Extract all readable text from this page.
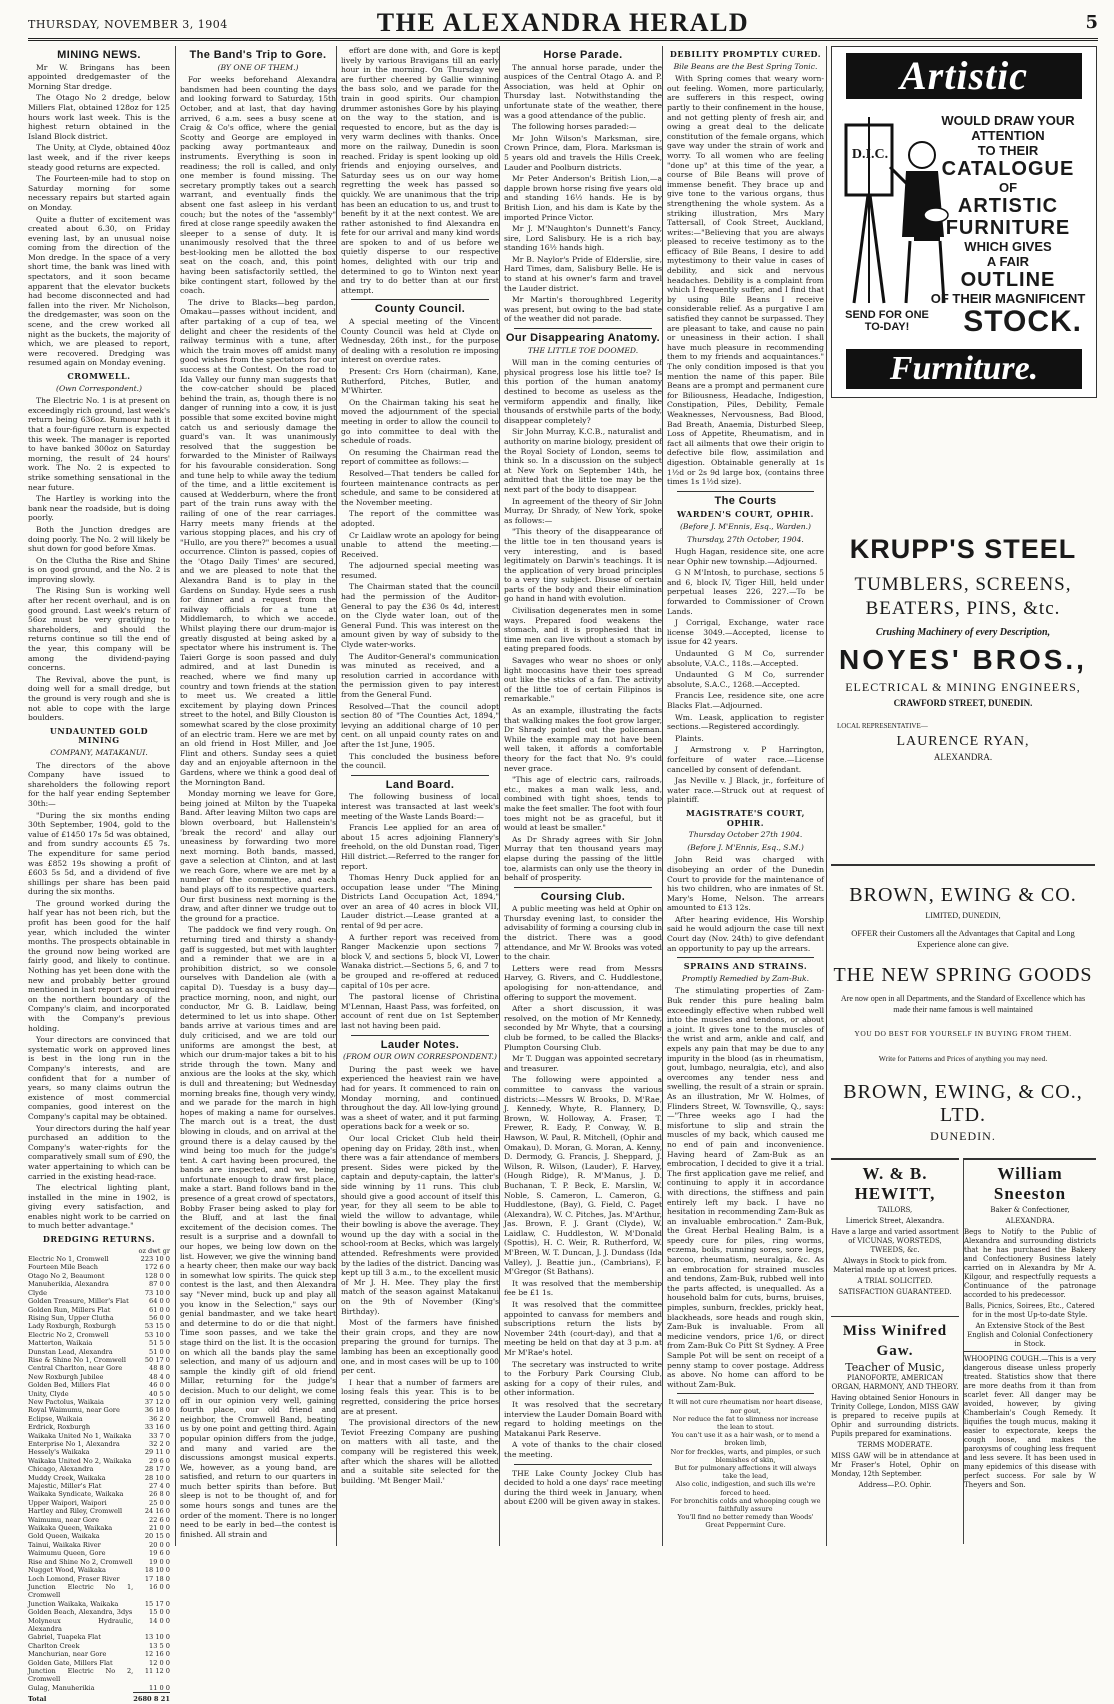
THURSDAY, NOVEMBER 3, 1904	THE ALEXANDRA HERALD	5
MINING NEWS.

Mr W. Bringans has been appointed dredgemaster of the Morning Star dredge.

The Otago No 2 dredge, below Millers Flat, obtained 128oz for 125 hours work last week. This is the highest return obtained in the Island Block district.

The Unity, at Clyde, obtained 40oz last week, and if the river keeps steady good returns are expected.

The Fourteen-mile had to stop on Saturday morning for some necessary repairs but started again on Monday.

Quite a flutter of excitement was created about 6.30, on Friday evening last, by an unusual noise coming from the direction of the Mon dredge. In the space of a very short time, the bank was lined with spectators, and it soon became apparent that the elevator buckets had become disconnected and had fallen into the river. Mr Nicholson, the dredgemaster, was soon on the scene, and the crew worked all night as the buckets, the majority of which, we are pleased to report, were recovered. Dredging was resumed again on Monday evening.

CROMWELL.
(Own Correspondent.)

The Electric No. 1 is at present on exceedingly rich ground, last week's return being 636oz. Rumour hath it that a four-figure return is expected this week. The manager is reported to have banked 300oz on Saturday morning, the result of 24 hours' work. The No. 2 is expected to strike something sensational in the near future.

The Hartley is working into the bank near the roadside, but is doing poorly.

Both the Junction dredges are doing poorly. The No. 2 will likely be shut down for good before Xmas.

On the Clutha the Rise and Shine is on good ground, and the No. 2 is improving slowly.

The Rising Sun is working well after her recent overhaul, and is on good ground. Last week's return of 56oz must be very gratifying to shareholders, and should the returns continue so till the end of the year, this company will be among the dividend-paying concerns.

The Revival, above the punt, is doing well for a small dredge, but the ground is very rough and she is not able to cope with the large boulders.

UNDAUNTED GOLD MINING
COMPANY, MATAKANUI.

The directors of the above Company have issued to shareholders the following report for the half year ending September 30th:—

"During the six months ending 30th September, 1904, gold to the value of £1450 17s 5d was obtained, and from sundry accounts £5 7s. The expenditure for same period was £852 19s showing a profit of £603 5s 5d, and a dividend of five shillings per share has been paid during the six months.

The ground worked during the half year has not been rich, but the profit has been good for the half year, which included the winter months. The prospects obtainable in the ground now being worked are fairly good, and likely to continue. Nothing has yet been done with the new and probably better ground mentioned in last report as acquired on the northern boundary of the Company's claim, and incorporated with the Company's previous holding.

Your directors are convinced that systematic work on approved lines is best in the long run in the Company's interests, and are confident that for a number of years, so many claims outrun the existence of most commercial companies, good interest on the Company's capital may be obtained.

Your directors during the half year purchased an addition to the Company's water-rights for the comparatively small sum of £90, the water appertaining to which can be carried in the existing head-race.

The electrical lighting plant, installed in the mine in 1902, is giving every satisfaction, and enables night work to be carried on to much better advantage."

DREDGING RETURNS.
	oz dwt gr
Electric No 1, Cromwell	223 10 0
Fourteen Mile Beach	172 6 0
Otago No 2, Beaumont	128 0 0
Manuherikia, Alexandra	87 0 0
Clyde	73 10 0
Golden Treasure, Miller's Flat	64 0 0
Golden Run, Millers Flat	61 0 0
Rising Sun, Upper Clutha	56 0 0
Lady Roxburgh, Roxburgh	53 15 0
Electric No 2, Cromwell	53 10 0
Matterton, Waikaia	51 5 0
Dunstan Lead, Alexandra	51 0 0
Rise & Shine No 1, Cromwell	50 17 0
Central Charlton, near Gore	48 8 0
New Roxburgh Jubilee	48 4 0
Golden Bed, Millers Flat	46 0 0
Unity, Clyde	40 5 0
New Pactolus, Waikaia	37 12 0
Royal Waimumu, near Gore	36 18 0
Eclipse, Waikaia	36 2 0
Erdrick, Roxburgh	33 16 0
Waikaka United No 1, Waikaka	33 7 0
Enterprise No 1, Alexandra	32 2 0
Hessely's Waikaka	29 11 0
Waikaka United No 2, Waikaka	29 6 0
Chicago, Alexandra	28 17 0
Muddy Creek, Waikaka	28 10 0
Majestic, Miller's Flat	27 4 0
Waikaka Syndicate, Waikaka	26 8 0
Upper Waipori, Waipori	25 0 0
Hartley and Riley, Cromwell	24 16 0
Waimumu, near Gore	22 6 0
Waikaka Queen, Waikaka	21 0 0
Gold Queen, Waikaka	20 15 0
Tainui, Waikaka River	20 0 0
Waimumu Queen, Gore	19 6 0
Rise and Shine No 2, Cromwell	19 0 0
Nugget Wood, Waikaka	18 10 0
Loch Lomond, Fraser River	17 18 0
Junction Electric No 1, Cromwell	16 0 0
Junction Waikaka, Waikaka	15 17 0
Golden Beach, Alexandra, 3dys	15 0 0
Molyneux Hydraulic, Alexandra	14 0 0
Gabriel, Tuapeka Flat	13 10 0
Charlton Creek	13 5 0
Manchurian, near Gore	12 16 0
Golden Gate, Millers Flat	12 0 0
Junction Electric No 2, Cromwell	11 12 0
Gulag, Manuherikia	11 0 0
Total	2680 8 21
The Band's Trip to Gore.
(BY ONE OF THEM.)

For weeks beforehand Alexandra bandsmen had been counting the days and looking forward to Saturday, 15th October, and at last, that day having arrived, 6 a.m. sees a busy scene at Craig & Co's office, where the genial Scotty and George are employed in packing away portmanteaux and instruments. Everything is soon in readiness; the roll is called, and only one member is found missing. The secretary promptly takes out a search warrant, and eventually finds the absent one fast asleep in his verdant couch; but the notes of the "assembly" fired at close range speedily awaken the sleeper to a sense of duty. It is unanimously resolved that the three best-looking men be allotted the box seat on the coach, and, this point having been satisfactorily settled, the bike contingent start, followed by the coach.

The drive to Blacks—beg pardon, Omakau—passes without incident, and after partaking of a cup of tea, we delight and cheer the residents of the railway terminus with a tune, after which the train moves off amidst many good wishes from the spectators for our success at the Contest. On the road to Ida Valley our funny man suggests that the cow-catcher should be placed behind the train, as, though there is no danger of running into a cow, it is just possible that some excited bovine might catch us and seriously damage the guard's van. It was unanimously resolved that the suggestion be forwarded to the Minister of Railways for his favourable consideration. Song and tune help to while away the tedium of the time, and a little excitement is caused at Wedderburn, where the front part of the train runs away with the railing of one of the rear carriages. Harry meets many friends at the various stopping places, and his cry of "Hullo, are you there?" becomes a usual occurrence. Clinton is passed, copies of the 'Otago Daily Times' are secured, and we are pleased to note that the Alexandra Band is to play in the Gardens on Sunday. Hyde sees a rush for dinner and a request from the railway officials for a tune at Middlemarch, to which we accede. Whilst playing there our drum-major is greatly disgusted at being asked by a spectator where his instrument is. The Taieri Gorge is soon passed and duly admired, and at last Dunedin is reached, where we find many up country and town friends at the station to meet us. We created a little excitement by playing down Princes street to the hotel, and Billy Clouston is somewhat scared by the close proximity of an electric tram. Here we are met by an old friend in Host Miller, and Joe Flint and others. Sunday sees a quiet day and an enjoyable afternoon in the Gardens, where we think a good deal of the Mornington Band.

Monday morning we leave for Gore, being joined at Milton by the Tuapeka Band. After leaving Milton two caps are blown overboard, but Hallenstein's 'break the record' and allay our uneasiness by forwarding two more next morning. Both bands, massed, gave a selection at Clinton, and at last we reach Gore, where we are met by a number of the committee, and each band plays off to its respective quarters. Our first business next morning is the draw, and after dinner we trudge out to the ground for a practice.

The paddock we find very rough. On returning tired and thirsty a shandy-gaff is suggested, but met with laughter and a reminder that we are in a prohibition district, so we console ourselves with Dandelion ale (with a capital D). Tuesday is a busy day—practice morning, noon, and night, our conductor, Mr G. B. Laidlaw, being determined to let us into shape. Other bands arrive at various times and are duly criticised, and we are told our uniforms are amongst the best, at which our drum-major takes a bit to his stride through the town. Many and anxious are the looks at the sky, which is dull and threatening; but Wednesday morning breaks fine, though very windy, and we parade for the march in high hopes of making a name for ourselves. The march out is a treat, the dust blowing in clouds, and on arrival at the ground there is a delay caused by the wind being too much for the judge's tent. A cart having been procured, the bands are inspected, and we, being unfortunate enough to draw first place, make a start. Band follows band in the presence of a great crowd of spectators, Bobby Fraser being asked to play for the Bluff, and at last the final excitement of the decision comes. The result is a surprise and a downfall to our hopes, we being low down on the list. However, we give the winning band a hearty cheer, then make our way back in somewhat low spirits. The quick step contest is the last, and then Alexandra say "Never mind, buck up and play all you know in the Selection," says our genial bandmaster, and we take heart and determine to do or die that night. Time soon passes, and we take the stage third on the list. It is the occasion on which all the bands play the same selection, and many of us adjourn and sample the kindly gift of old friend Millar, returning for the judge's decision. Much to our delight, we come off in our opinion very well, gaining fourth place, our old friend and neighbor, the Cromwell Band, beating us by one point and getting third. Again popular opinion differs from the judge, and many and varied are the discussions amongst musical experts. We, however, as a young band, are satisfied, and return to our quarters in much better spirits than before. But sleep is not to be thought of, and for some hours songs and tunes are the order of the moment. There is no longer need to be early in bed—the contest is finished. All strain and

effort are done with, and Gore is kept lively by various Bravigans till an early hour in the morning. On Thursday we are further cheered by Gallie winning the bass solo, and we parade for the train in good spirits. Our champion drummer astonishes Gore by his playing on the way to the station, and is requested to encore, but as the day is very warm declines with thanks. Once more on the railway, Dunedin is soon reached. Friday is spent looking up old friends and enjoying ourselves, and Saturday sees us on our way home regretting the week has passed so quickly. We are unanimous that the trip has been an education to us, and trust to benefit by it at the next contest. We are rather astonished to find Alexandra en fete for our arrival and many kind words are spoken to and of us before we quietly disperse to our respective homes, delighted with our trip and determined to go to Winton next year and try to do better than at our first attempt.

County Council.

A special meeting of the Vincent County Council was held at Clyde on Wednesday, 26th inst., for the purpose of dealing with a resolution re imposing interest on overdue rates.

Present: Crs Horn (chairman), Kane, Rutherford, Pitches, Butler, and M'Whirter.

On the Chairman taking his seat he moved the adjournment of the special meeting in order to allow the council to go into committee to deal with the schedule of roads.

On resuming the Chairman read the report of committee as follows:—

Resolved—That tenders be called for fourteen maintenance contracts as per schedule, and same to be considered at the November meeting.

The report of the committee was adopted.

Cr Laidlaw wrote an apology for being unable to attend the meeting.—Received.

The adjourned special meeting was resumed.

The Chairman stated that the council had the permission of the Auditor-General to pay the £36 0s 4d, interest on the Clyde water loan, out of the General Fund. This was interest on the amount given by way of subsidy to the Clyde water-works.

The Auditor-General's communication was minuted as received, and a resolution carried in accordance with the permission given to pay interest from the General Fund.

Resolved—That the council adopt section 80 of "The Counties Act, 1894," levying an additional charge of 10 per cent. on all unpaid county rates on and after the 1st June, 1905.

This concluded the business before the council.

Land Board.

The following business of local interest was transacted at last week's meeting of the Waste Lands Board:—

Francis Lee applied for an area of about 15 acres adjoining Flannery's freehold, on the old Dunstan road, Tiger Hill district.—Referred to the ranger for report.

Thomas Henry Duck applied for an occupation lease under "The Mining Districts Land Occupation Act, 1894," over an area of 40 acres in block VII, Lauder district.—Lease granted at a rental of 9d per acre.

A further report was received from Ranger Mackenzie upon sections 7 block V, and sections 5, block VI, Lower Wanaka district.—Sections 5, 6, and 7 to be grouped and re-offered at reduced capital of 10s per acre.

The pastoral license of Christina M'Lennan, Haast Pass, was forfeited, on account of rent due on 1st September last not having been paid.

Lauder Notes.
(FROM OUR OWN CORRESPONDENT.)

During the past week we have experienced the heaviest rain we have had for years. It commenced to rain on Monday morning, and continued throughout the day. All low-lying ground was a sheet of water, and it put farming operations back for a week or so.

Our local Cricket Club held their opening day on Friday, 28th inst., when there was a fair attendance of members present. Sides were picked by the captain and deputy-captain, the latter's side winning by 11 runs. This club should give a good account of itself this year, for they all seem to be able to wield the willow to advantage, while their bowling is above the average. They wound up the day with a social in the school-room at Becks, which was largely attended. Refreshments were provided by the ladies of the district. Dancing was kept up till 3 a.m., to the excellent music of Mr J. H. Mee. They play the first match of the season against Matakanui on the 9th of November (King's Birthday).

Most of the farmers have finished their grain crops, and they are now preparing the ground for turnips. The lambing has been an exceptionally good one, and in most cases will be up to 100 per cent.

I hear that a number of farmers are losing feals this year. This is to be regretted, considering the price horses are at present.

The provisional directors of the new Teviot Freezing Company are pushing on matters with all taste, and the company will be registered this week, after which the shares will be allotted and a suitable site selected for the building. 'Mt Benger Mail.'

Horse Parade.

The annual horse parade, under the auspices of the Central Otago A. and P. Association, was held at Ophir on Thursday last. Notwithstanding the unfortunate state of the weather, there was a good attendance of the public.

The following horses paraded:—

Mr John Wilson's Marksman, sire, Crown Prince, dam, Flora. Marksman is 5 years old and travels the Hills Creek, Lauder and Poolburn districts.

Mr Peter Anderson's British Lion,—a dapple brown horse rising five years old and standing 16½ hands. He is by British Lion, and his dam is Kate by the imported Prince Victor.

Mr J. M'Naughton's Dunnett's Fancy, sire, Lord Salisbury. He is a rich bay, standing 16½ hands high.

Mr B. Naylor's Pride of Elderslie, sire, Hard Times, dam, Salisbury Belle. He is to stand at his owner's farm and travel the Lauder district.

Mr Martin's thoroughbred Legerity was present, but owing to the bad state of the weather did not parade.

Our Disappearing Anatomy.
THE LITTLE TOE DOOMED.

Will man in the coming centuries of physical progress lose his little toe? Is this portion of the human anatomy destined to become as useless as the vermiform appendix and finally, like thousands of erstwhile parts of the body, disappear completely?

Sir John Murray, K.C.B., naturalist and authority on marine biology, president of the Royal Society of London, seems to think so. In a discussion on the subject at New York on September 14th, he admitted that the little toe may be the next part of the body to disappear.

In agreement of the theory of Sir John Murray, Dr Shrady, of New York, spoke as follows:—

"This theory of the disappearance of the little toe in ten thousand years is very interesting, and is based legitimately on Darwin's teachings. It is the application of very broad principles to a very tiny subject. Disuse of certain parts of the body and their elimination go hand in hand with evolution.

Civilisation degenerates men in some ways. Prepared food weakens the stomach, and it is prophesied that in time men can live without a stomach by eating prepared foods.

Savages who wear no shoes or only light moccasins have their toes spread out like the sticks of a fan. The activity of the little toe of certain Filipinos is remarkable."

As an example, illustrating the facts that walking makes the foot grow larger, Dr Shrady pointed out the policeman. While the example may not have been well taken, it affords a comfortable theory for the fact that No. 9's could never grace.

"This age of electric cars, railroads, etc., makes a man walk less, and, combined with tight shoes, tends to make the feet smaller. The foot with four toes might not be as graceful, but it would at least be smaller."

As Dr Shrady agrees with Sir John Murray that ten thousand years may elapse during the passing of the little toe, alarmists can only use the theory in behalf of prosperity.

Coursing Club.

A public meeting was held at Ophir on Thursday evening last, to consider the advisability of forming a coursing club in the district. There was a good attendance, and Mr W. Brooks was voted to the chair.

Letters were read from Messrs Harvey, G. Rivers, and C. Huddlestone, apologising for non-attendance, and offering to support the movement.

After a short discussion, it was resolved, on the motion of Mr Kennedy, seconded by Mr Whyte, that a coursing club be formed, to be called the Blacks-Plumpton Coursing Club.

Mr T. Duggan was appointed secretary and treasurer.

The following were appointed a committee to canvass the various districts:—Messrs W. Brooks, D. M'Rae, J. Kennedy, Whyte, R. Flannery, D. Brown, W. Holloway, A. Fraser, T. Frewer, R. Eady, P. Conway, W. B. Hawson, W. Paul, R. Mitchell, (Ophir and Omakau), D. Moran, G. Moran, A. Kenny, D. Dermody, G. Francis, J. Sheppard, J. Wilson, R. Wilson, (Lauder), F. Harvey, (Hough Ridge), R. M'Manus, J. D. Buchanan, T. P. Beck, E. Marslin, W. Noble, S. Cameron, L. Cameron, G. Huddlestone, (Bay), G. Field, C. Paget (Alexandra), W. C. Pitches, Jas. M'Arthur, Jas. Brown, F. J. Grant (Clyde), W. Laidlaw, C. Huddleston, W. M'Donald (Spottis), H. C. Weir, R. Rutherford, W. M'Breen, W. T. Duncan, J. J. Dundass (Ida Valley), J. Beattie jun., (Cambrians), F. M'Gregor (St Bathans).

It was resolved that the membership fee be £1 1s.

It was resolved that the committee appointed to canvass for members and subscriptions return the lists by November 24th (court-day), and that a meeting be held on that day at 3 p.m. at Mr M'Rae's hotel.

The secretary was instructed to write to the Forbury Park Coursing Club, asking for a copy of their rules, and other information.

It was resolved that the secretary interview the Lauder Domain Board with regard to holding meetings on the Matakanui Park Reserve.

A vote of thanks to the chair closed the meeting.

THE Lake County Jockey Club has decided to hold a one days' race meeting during the third week in January, when about £200 will be given away in stakes.

DEBILITY PROMPTLY CURED.
Bile Beans are the Best Spring Tonic.

With Spring comes that weary worn-out feeling. Women, more particularly, are sufferers in this respect, owing partly to their confinement in the house, and not getting plenty of fresh air, and owing a great deal to the delicate constitution of the female organs, which gave way under the strain of work and worry. To all women who are feeling "done up" at this time of the year, a course of Bile Beans will prove of immense benefit. They brace up and give tone to the various organs, thus strengthening the whole system. As a striking illustration, Mrs Mary Tattersall, of Cook Street, Auckland, writes:—"Believing that you are always pleased to receive testimony as to the efficacy of Bile Beans, I desire to add mytestimony to their value in cases of debility, and sick and nervous headaches. Debility is a complaint from which I frequently suffer, and I find that by using Bile Beans I receive considerable relief. As a purgative I am satisfied they cannot be surpassed. They are pleasant to take, and cause no pain or uneasiness in their action. I shall have much pleasure in recommending them to my friends and acquaintances." The only condition imposed is that you mention the name of this paper. Bile Beans are a prompt and permanent cure for Biliousness, Headache, Indigestion, Constipation, Piles, Debility, Female Weaknesses, Nervousness, Bad Blood, Bad Breath, Anaemia, Disturbed Sleep, Loss of Appetite, Rheumatism, and in fact all ailments that owe their origin to defective bile flow, assimilation and digestion. Obtainable generally at 1s 1½d or 2s 9d large box, (contains three times 1s 1½d size).

The Courts
WARDEN'S COURT, OPHIR.
(Before J. M'Ennis, Esq., Warden.)
Thursday, 27th October, 1904.

Hugh Hagan, residence site, one acre near Ophir new township.—Adjourned.

G N M'Intosh, to purchase, sections 5 and 6, block IV, Tiger Hill, held under perpetual leases 226, 227.—To be forwarded to Commissioner of Crown Lands.

J Corrigal, Exchange, water race license 3049.—Accepted, license to issue for 42 years.

Undaunted G M Co, surrender absolute, V.A.C., 118s.—Accepted.

Undaunted G M Co, surrender absolute, S.A.C., 1268.—Accepted.

Francis Lee, residence site, one acre Blacks Flat.—Adjourned.

Wm. Leask, application to register sections.—Registered accordingly.

Plaints.

J Armstrong v. P Harrington, forfeiture of water race.—License cancelled by consent of defendant.

Jas Neville v. J Black, jr., forfeiture of water race.—Struck out at request of plaintiff.

MAGISTRATE'S COURT, OPHIR.
Thursday October 27th 1904.
(Before J. M'Ennis, Esq., S.M.)

John Reid was charged with disobeying an order of the Dunedin Court to provide for the maintenance of his two children, who are inmates of St. Mary's Home, Nelson. The arrears amounted to £13 12s.

After hearing evidence, His Worship said he would adjourn the case till next Court day (Nov. 24th) to give defendant an opportunity to pay up the arrears.

SPRAINS AND STRAINS.
Promptly Remedied by Zam-Buk.

The stimulating properties of Zam-Buk render this pure healing balm exceedingly effective when rubbed well into the muscles and tendons, or about a joint. It gives tone to the muscles of the wrist and arm, ankle and calf, and expels any pain that may be due to any impurity in the blood (as in rheumatism, gout, lumbago, neuralgia, etc), and also overcomes any tender ness and swelling, the result of a strain or sprain. As an illustration, Mr W. Holmes, of Flinders Street, W. Townsville, Q., says:—"Three weeks ago I had the misfortune to slip and strain the muscles of my back, which caused me no end of pain and inconvenience. Having heard of Zam-Buk as an embrocation, I decided to give it a trial. The first application gave me relief, and continuing to apply it in accordance with directions, the stiffness and pain entirely left my back. I have no hesitation in recommending Zam-Buk as an invaluable embrocation." Zam-Buk, the Great Herbal Healing Balm, is a speedy cure for piles, ring worms, eczema, boils, running sores, sore legs, barcoo, rheumatism, neuralgia, &c. As an embrocation for strained muscles and tendons, Zam-Buk, rubbed well into the parts affected, is unequalled. As a household balm for cuts, burns, bruises, pimples, sunburn, freckles, prickly heat, blackheads, sore heads and rough skin, Zam-Buk is invaluable. From all medicine vendors, price 1/6, or direct from Zam-Buk Co Pitt St Sydney. A Free Sample Pot will be sent on receipt of a penny stamp to cover postage. Address as above. No home can afford to be without Zam-Buk.

It will not cure rheumatism nor heart disease, nor gout,
Nor reduce the fat to slimness nor increase the lean to stout.
You can't use it as a hair wash, or to mend a broken limb,
Nor for freckles, warts, and pimples, or such blemishes of skin,
But for pulmonary affections it will always take the lead,
Also colic, indigestion, and such ills we're forced to heed.
For bronchitis colds and whooping cough we faithfully assure
You'll find no better remedy than Woods' Great Peppermint Cure.
Artistic
D.I.C.
WOULD DRAW YOUR ATTENTION
TO THEIR
CATALOGUE
OF
ARTISTIC
FURNITURE
WHICH GIVES
A FAIR
OUTLINE
OF THEIR MAGNIFICENT
SEND FOR ONE TO-DAY!	STOCK.
Furniture.
KRUPP'S STEEL
TUMBLERS, SCREENS, BEATERS, PINS, &tc.
Crushing Machinery of every Description,
NOYES' BROS.,
ELECTRICAL & MINING ENGINEERS,
CRAWFORD STREET, DUNEDIN.
LOCAL REPRESENTATIVE—
LAURENCE RYAN,
ALEXANDRA.
BROWN, EWING & CO.
LIMITED, DUNEDIN,
OFFER their Customers all the Advantages that Capital and Long Experience alone can give.
THE NEW SPRING GOODS
Are now open in all Departments, and the Standard of Excellence which has made their name famous is well maintained
YOU DO BEST FOR YOURSELF IN BUYING FROM THEM.
Write for Patterns and Prices of anything you may need.
BROWN, EWING, & CO., LTD.
DUNEDIN.
W. & B. HEWITT,

TAILORS,

Limerick Street, Alexandra.

Have a large and varied assortment of VICUNAS, WORSTEDS, TWEEDS, &c.

Always in Stock to pick from. Material made up at lowest prices.

A TRIAL SOLICITED.

SATISFACTION GUARANTEED.

Miss Winifred Gaw.

Teacher of Music,

PIANOFORTE, AMERICAN ORGAN, HARMONY, AND THEORY.

Having obtained Senior Honours in Trinity College, London, MISS GAW is prepared to receive pupils at Ophir and surrounding districts. Pupils prepared for examinations.

TERMS MODERATE.

MISS GAW will be in attendance at Mr Fraser's Hotel, Ophir on Monday, 12th September.

Address—P.O. Ophir.

William Sneeston

Baker & Confectioner,

ALEXANDRA.

Begs to Notify to the Public of Alexandra and surrounding districts that he has purchased the Bakery and Confectionery Business lately carried on in Alexandra by Mr A. Kilgour, and respectfully requests a Continuance of the patronage accorded to his predecessor.

Balls, Picnics, Soirees, Etc., Catered for in the most Up-to-date Style.

An Extensive Stock of the Best English and Colonial Confectionery in Stock.

WHOOPING COUGH.—This is a very dangerous disease unless properly treated. Statistics show that there are more deaths from it than from scarlet fever. All danger may be avoided, however, by giving Chamberlain's Cough Remedy. It liquifies the tough mucus, making it easier to expectorate, keeps the cough loose, and makes the paroxysms of coughing less frequent and less severe. It has been used in many epidemics of this disease with perfect success. For sale by W Theyers and Son.
